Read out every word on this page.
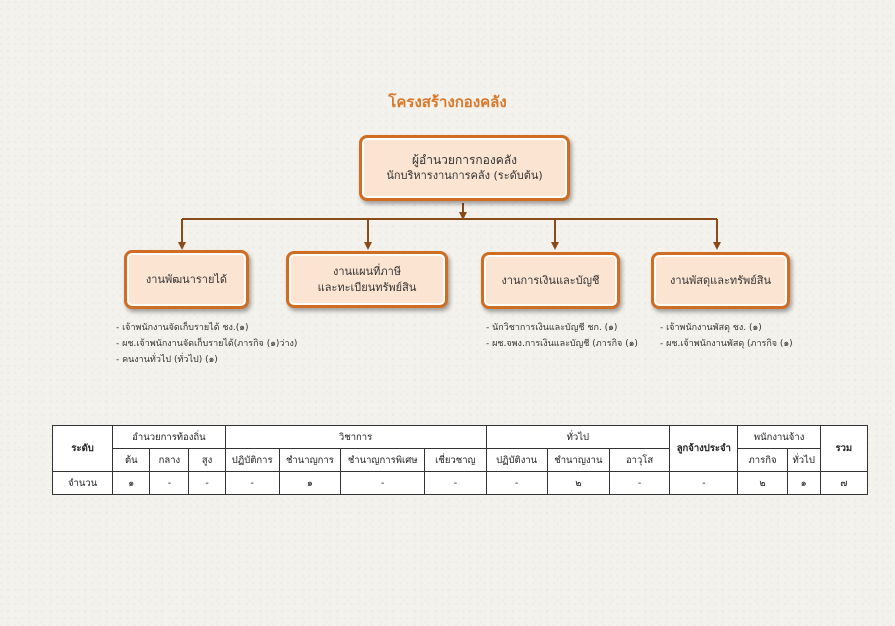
โครงสร้างกองคลัง
ผู้อำนวยการกองคลัง
นักบริหารงานการคลัง (ระดับต้น)
งานพัฒนารายได้
งานแผนที่ภาษี
และทะเบียนทรัพย์สิน
งานการเงินและบัญชี	งานพัสดุและทรัพย์สิน
- เจ้าพนักงานจัดเก็บรายได้ ชง.(๑)
- ผช.เจ้าพนักงานจัดเก็บรายได้(ภารกิจ (๑)ว่าง)
- คนงานทั่วไป (ทั่วไป) (๑)
- นักวิชาการเงินและบัญชี ชก. (๑)
- ผช.จพง.การเงินและบัญชี (ภารกิจ (๑)
- เจ้าพนักงานพัสดุ ชง. (๑)
- ผช.เจ้าพนักงานพัสดุ (ภารกิจ (๑)
ระดับ	อำนวยการท้องถิ่น			วิชาการ				ทั่วไป			ลูกจ้างประจำ	พนักงานจ้าง		รวม
	ต้น	กลาง	สูง	ปฏิบัติการ	ชำนาญการ	ชำนาญการพิเศษ	เชี่ยวชาญ	ปฏิบัติงาน	ชำนาญงาน	อาวุโส		ภารกิจ	ทั่วไป	
จำนวน	๑	-	-	-	๑	-	-	-	๒	-	-	๒	๑	๗
